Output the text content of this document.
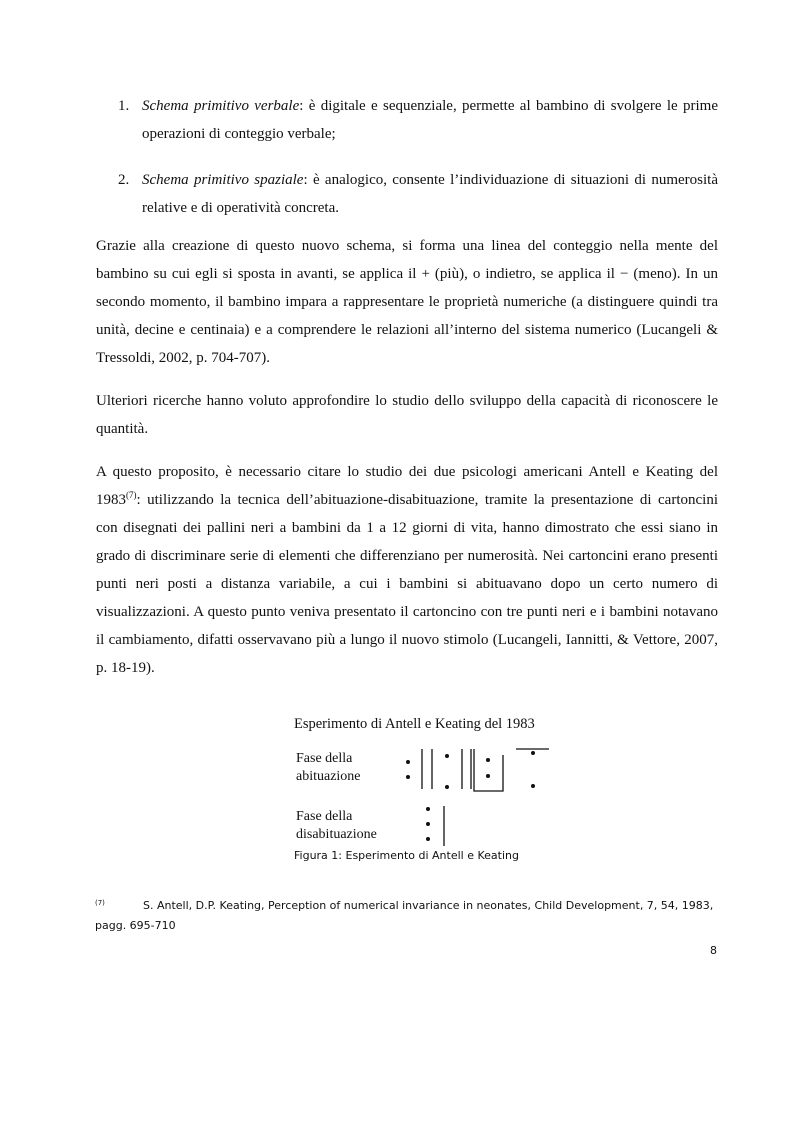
1. Schema primitivo verbale: è digitale e sequenziale, permette al bambino di svolgere le prime operazioni di conteggio verbale;
2. Schema primitivo spaziale: è analogico, consente l’individuazione di situazioni di numerosità relative e di operatività concreta.

Grazie alla creazione di questo nuovo schema, si forma una linea del conteggio nella mente del bambino su cui egli si sposta in avanti, se applica il + (più), o indietro, se applica il − (meno). In un secondo momento, il bambino impara a rappresentare le proprietà numeriche (a distinguere quindi tra unità, decine e centinaia) e a comprendere le relazioni all’interno del sistema numerico (Lucangeli & Tressoldi, 2002, p. 704-707).

Ulteriori ricerche hanno voluto approfondire lo studio dello sviluppo della capacità di riconoscere le quantità.

A questo proposito, è necessario citare lo studio dei due psicologi americani Antell e Keating del 1983$^{(7)}$: utilizzando la tecnica dell’abituazione-disabituazione, tramite la presentazione di cartoncini con disegnati dei pallini neri a bambini da 1 a 12 giorni di vita, hanno dimostrato che essi siano in grado di discriminare serie di elementi che differenziano per numerosità. Nei cartoncini erano presenti punti neri posti a distanza variabile, a cui i bambini si abituavano dopo un certo numero di visualizzazioni. A questo punto veniva presentato il cartoncino con tre punti neri e i bambini notavano il cambiamento, difatti osservavano più a lungo il nuovo stimolo (Lucangeli, Iannitti, & Vettore, 2007, p. 18-19).

Esperimento di Antell e Keating del 1983
Fase della abituazione
Fase della disabituazione
Figura 1: Esperimento di Antell e Keating
(7)	S. Antell, D.P. Keating, Perception of numerical invariance in neonates, Child Development, 7, 54, 1983, pagg. 695-710
8
